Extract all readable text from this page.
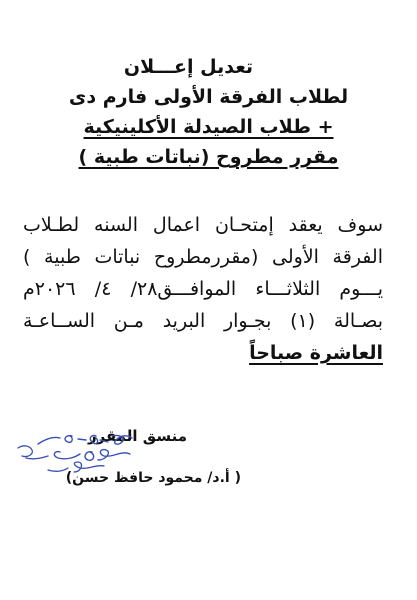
تعديل إعـــلان
لطلاب الفرقة الأولى فارم دى
+ طلاب الصيدلة الأكلينيكية
مقرر مطروح (نباتات طبية )
سوف يعقد إمتحـان اعمال السنه لطـلاب
الفرقة الأولى (مقررمطروح نباتات طبية )
يـــوم الثلاثـــاء الموافـــق٢٨/ ٤/ ٢٠٢٦م
بصـالة (١) بجـوار البريد مـن الســاعـة
العاشرة صباحاً
منسق المقرر
( أ.د/ محمود حافظ حسن)
